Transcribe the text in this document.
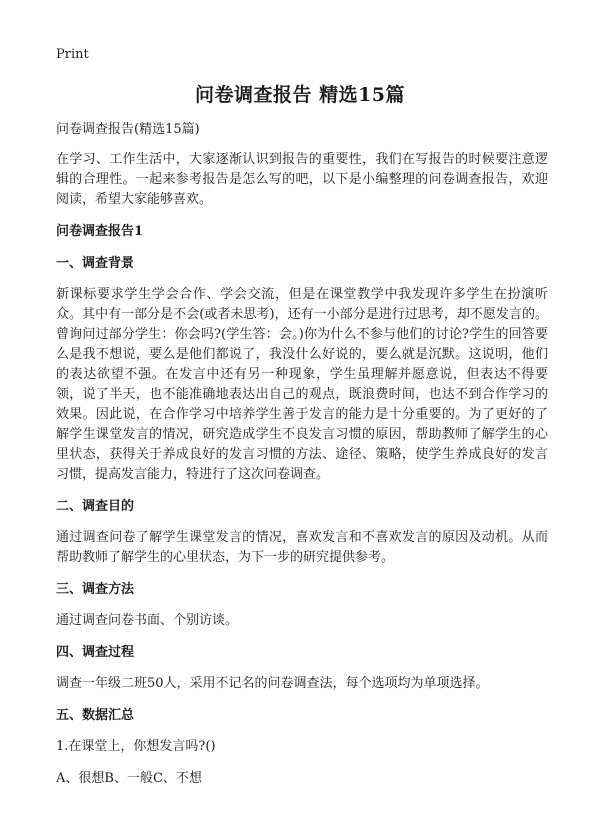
Print
问卷调查报告 精选15篇

问卷调查报告(精选15篇)

在学习、工作生活中，大家逐渐认识到报告的重要性，我们在写报告的时候要注意逻辑的合理性。一起来参考报告是怎么写的吧，以下是小编整理的问卷调查报告，欢迎阅读，希望大家能够喜欢。

问卷调查报告1

一、调查背景

新课标要求学生学会合作、学会交流，但是在课堂教学中我发现许多学生在扮演听众。其中有一部分是不会(或者未思考)，还有一小部分是进行过思考，却不愿发言的。曾询问过部分学生：你会吗?(学生答：会。)你为什么不参与他们的讨论?学生的回答要么是我不想说，要么是他们都说了，我没什么好说的，要么就是沉默。这说明，他们的表达欲望不强。在发言中还有另一种现象，学生虽理解并愿意说，但表达不得要领，说了半天，也不能准确地表达出自己的观点，既浪费时间，也达不到合作学习的效果。因此说，在合作学习中培养学生善于发言的能力是十分重要的。为了更好的了解学生课堂发言的情况，研究造成学生不良发言习惯的原因，帮助教师了解学生的心里状态，获得关于养成良好的发言习惯的方法、途径、策略，使学生养成良好的发言习惯，提高发言能力，特进行了这次问卷调查。

二、调查目的

通过调查问卷了解学生课堂发言的情况，喜欢发言和不喜欢发言的原因及动机。从而帮助教师了解学生的心里状态，为下一步的研究提供参考。

三、调查方法

通过调查问卷书面、个别访谈。

四、调查过程

调查一年级二班50人，采用不记名的问卷调查法，每个选项均为单项选择。

五、数据汇总

1.在课堂上，你想发言吗?()

A、很想B、一般C、不想
